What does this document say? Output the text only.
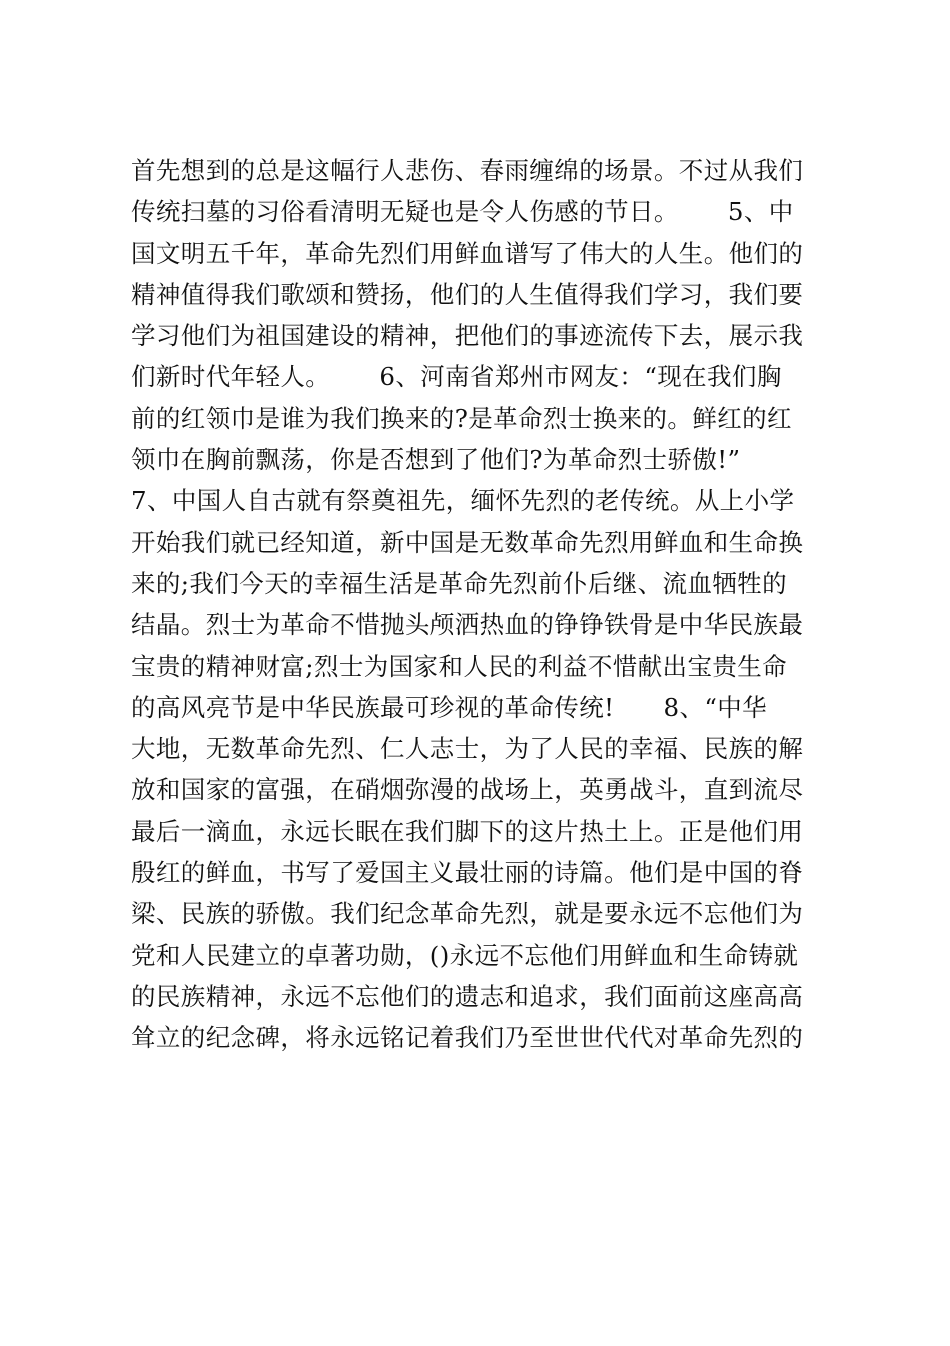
首先想到的总是这幅行人悲伤、春雨缠绵的场景。不过从我们
传统扫墓的习俗看清明无疑也是令人伤感的节日。      5、中
国文明五千年，革命先烈们用鲜血谱写了伟大的人生。他们的
精神值得我们歌颂和赞扬，他们的人生值得我们学习，我们要
学习他们为祖国建设的精神，把他们的事迹流传下去，展示我
们新时代年轻人。      6、河南省郑州市网友：“现在我们胸
前的红领巾是谁为我们换来的?是革命烈士换来的。鲜红的红
领巾在胸前飘荡，你是否想到了他们?为革命烈士骄傲!”
7、中国人自古就有祭奠祖先，缅怀先烈的老传统。从上小学
开始我们就已经知道，新中国是无数革命先烈用鲜血和生命换
来的;我们今天的幸福生活是革命先烈前仆后继、流血牺牲的
结晶。烈士为革命不惜抛头颅洒热血的铮铮铁骨是中华民族最
宝贵的精神财富;烈士为国家和人民的利益不惜献出宝贵生命
的高风亮节是中华民族最可珍视的革命传统!      8、“中华
大地，无数革命先烈、仁人志士，为了人民的幸福、民族的解
放和国家的富强，在硝烟弥漫的战场上，英勇战斗，直到流尽
最后一滴血，永远长眠在我们脚下的这片热土上。正是他们用
殷红的鲜血，书写了爱国主义最壮丽的诗篇。他们是中国的脊
梁、民族的骄傲。我们纪念革命先烈，就是要永远不忘他们为
党和人民建立的卓著功勋，()永远不忘他们用鲜血和生命铸就
的民族精神，永远不忘他们的遗志和追求，我们面前这座高高
耸立的纪念碑，将永远铭记着我们乃至世世代代对革命先烈的
